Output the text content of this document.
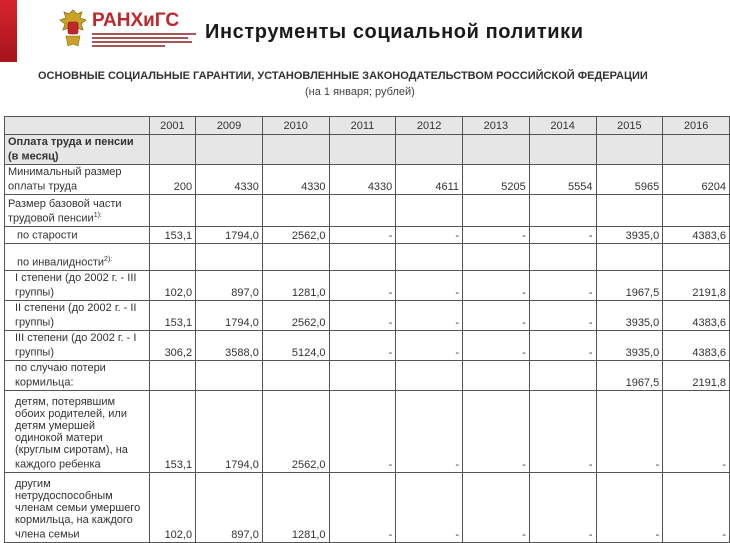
РАНХиГС
Инструменты социальной политики
ОСНОВНЫЕ СОЦИАЛЬНЫЕ ГАРАНТИИ, УСТАНОВЛЕННЫЕ ЗАКОНОДАТЕЛЬСТВОМ РОССИЙСКОЙ ФЕДЕРАЦИИ
(на 1 января; рублей)
	2001	2009	2010	2011	2012	2013	2014	2015	2016
Оплата труда и пенсии (в месяц)									
Минимальный размер оплаты труда	200	4330	4330	4330	4611	5205	5554	5965	6204
Размер базовой части трудовой пенсии$^{1):}$									
по старости	153,1	1794,0	2562,0	-	-	-	-	3935,0	4383,6
по инвалидности$^{2):}$									
I степени (до 2002 г. - III группы)	102,0	897,0	1281,0	-	-	-	-	1967,5	2191,8
II степени (до 2002 г. - II группы)	153,1	1794,0	2562,0	-	-	-	-	3935,0	4383,6
III степени (до 2002 г. - I группы)	306,2	3588,0	5124,0	-	-	-	-	3935,0	4383,6
по случаю потери кормильца:								1967,5	2191,8
детям, потерявшим обоих родителей, или детям умершей одинокой матери (круглым сиротам), на каждого ребенка	153,1	1794,0	2562,0	-	-	-	-	-	-
другим нетрудоспособным членам семьи умершего кормильца, на каждого члена семьи	102,0	897,0	1281,0	-	-	-	-	-	-
